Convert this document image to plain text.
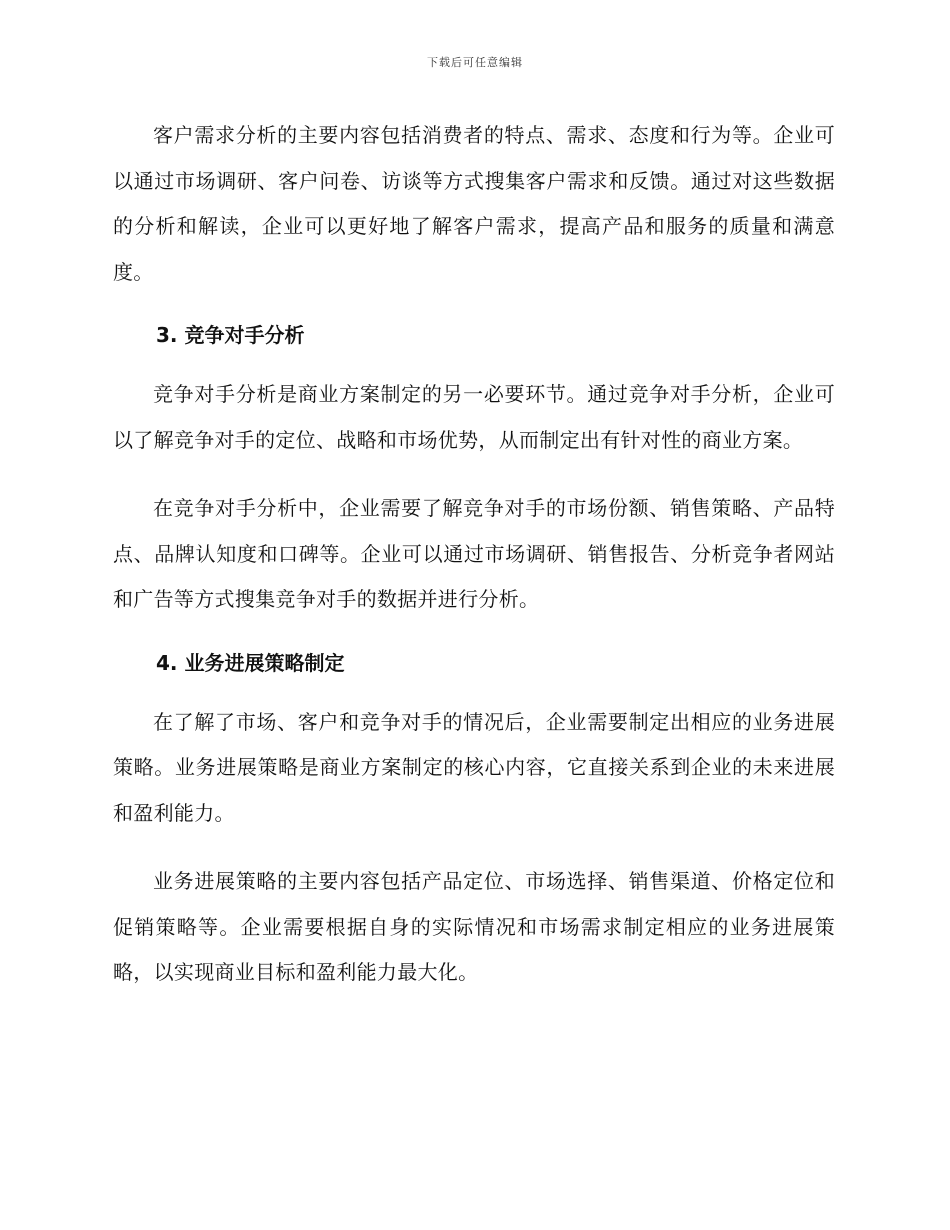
下载后可任意编辑

客户需求分析的主要内容包括消费者的特点、需求、态度和行为等。企业可以通过市场调研、客户问卷、访谈等方式搜集客户需求和反馈。通过对这些数据的分析和解读，企业可以更好地了解客户需求，提高产品和服务的质量和满意度。

3. 竞争对手分析

竞争对手分析是商业方案制定的另一必要环节。通过竞争对手分析，企业可以了解竞争对手的定位、战略和市场优势，从而制定出有针对性的商业方案。

在竞争对手分析中，企业需要了解竞争对手的市场份额、销售策略、产品特点、品牌认知度和口碑等。企业可以通过市场调研、销售报告、分析竞争者网站和广告等方式搜集竞争对手的数据并进行分析。

4. 业务进展策略制定

在了解了市场、客户和竞争对手的情况后，企业需要制定出相应的业务进展策略。业务进展策略是商业方案制定的核心内容，它直接关系到企业的未来进展和盈利能力。

业务进展策略的主要内容包括产品定位、市场选择、销售渠道、价格定位和促销策略等。企业需要根据自身的实际情况和市场需求制定相应的业务进展策略，以实现商业目标和盈利能力最大化。
